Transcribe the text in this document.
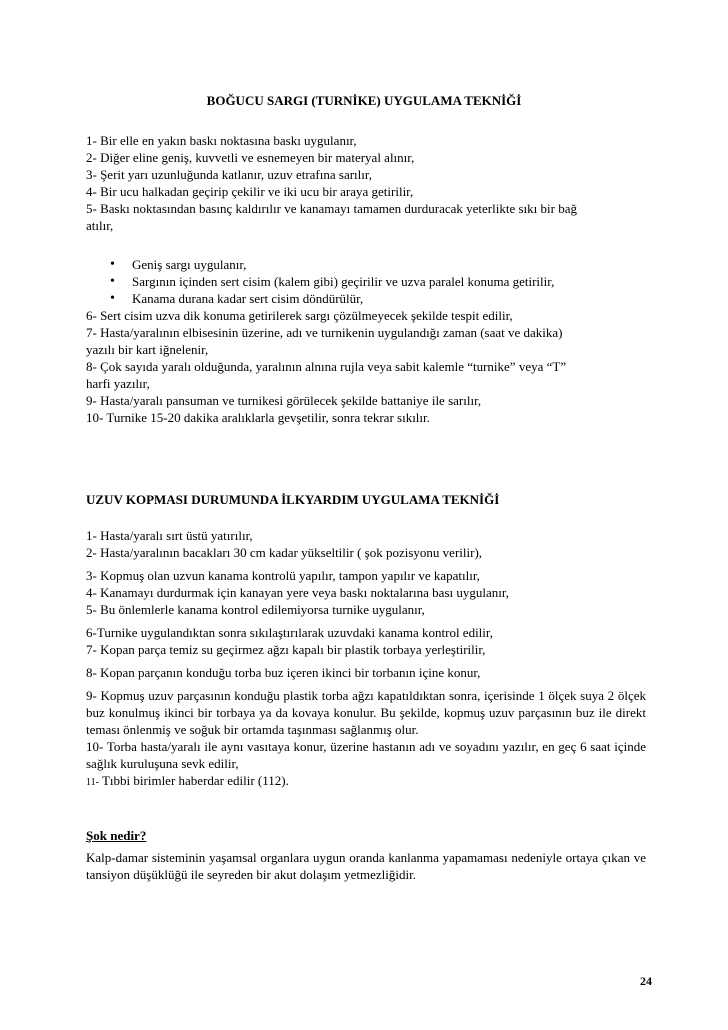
BOĞUCU SARGI (TURNİKE) UYGULAMA TEKNİĞİ
1- Bir elle en yakın baskı noktasına baskı uygulanır,
2- Diğer eline geniş, kuvvetli ve esnemeyen bir materyal alınır,
3- Şerit yarı uzunluğunda katlanır, uzuv etrafına sarılır,
4- Bir ucu halkadan geçirip çekilir ve iki ucu bir araya getirilir,
5- Baskı noktasından basınç kaldırılır ve kanamayı tamamen durduracak yeterlikte sıkı bir bağ
atılır,
• Geniş sargı uygulanır,
• Sargının içinden sert cisim (kalem gibi) geçirilir ve uzva paralel konuma getirilir,
• Kanama durana kadar sert cisim döndürülür,
6- Sert cisim uzva dik konuma getirilerek sargı çözülmeyecek şekilde tespit edilir,
7- Hasta/yaralının elbisesinin üzerine, adı ve turnikenin uygulandığı zaman (saat ve dakika)
yazılı bir kart iğnelenir,
8- Çok sayıda yaralı olduğunda, yaralının alnına rujla veya sabit kalemle “turnike” veya “T”
harfi yazılır,
9- Hasta/yaralı pansuman ve turnikesi görülecek şekilde battaniye ile sarılır,
10- Turnike 15-20 dakika aralıklarla gevşetilir, sonra tekrar sıkılır.
UZUV KOPMASI DURUMUNDA İLKYARDIM UYGULAMA TEKNİĞİ
1- Hasta/yaralı sırt üstü yatırılır,
2- Hasta/yaralının bacakları 30 cm kadar yükseltilir ( şok pozisyonu verilir),
3- Kopmuş olan uzvun kanama kontrolü yapılır, tampon yapılır ve kapatılır,
4- Kanamayı durdurmak için kanayan yere veya baskı noktalarına bası uygulanır,
5- Bu önlemlerle kanama kontrol edilemiyorsa turnike uygulanır,
6-Turnike uygulandıktan sonra sıkılaştırılarak uzuvdaki kanama kontrol edilir,
7- Kopan parça temiz su geçirmez ağzı kapalı bir plastik torbaya yerleştirilir,
8- Kopan parçanın konduğu torba buz içeren ikinci bir torbanın içine konur,
9- Kopmuş uzuv parçasının konduğu plastik torba ağzı kapatıldıktan sonra, içerisinde 1 ölçek suya 2 ölçek buz konulmuş ikinci bir torbaya ya da kovaya konulur. Bu şekilde, kopmuş uzuv parçasının buz ile direkt teması önlenmiş ve soğuk bir ortamda taşınması sağlanmış olur.
10- Torba hasta/yaralı ile aynı vasıtaya konur, üzerine hastanın adı ve soyadını yazılır, en geç 6 saat içinde sağlık kuruluşuna sevk edilir,
11- Tıbbi birimler haberdar edilir (112).
Şok nedir?
Kalp-damar sisteminin yaşamsal organlara uygun oranda kanlanma yapamaması nedeniyle ortaya çıkan ve tansiyon düşüklüğü ile seyreden bir akut dolaşım yetmezliğidir.
24
